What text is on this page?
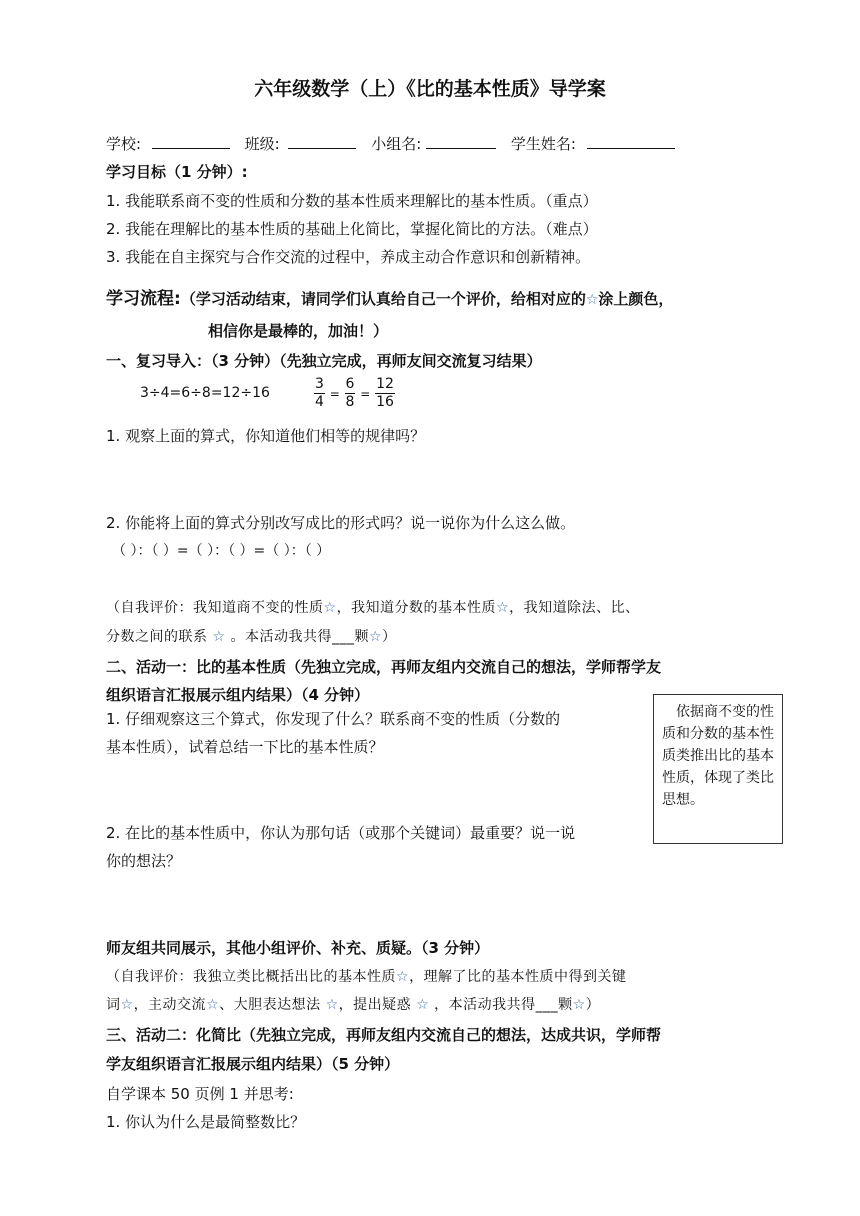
六年级数学（上）《比的基本性质》导学案
学校:	班级:	小组名:	学生姓名:
学习目标（1 分钟）:
1. 我能联系商不变的性质和分数的基本性质来理解比的基本性质。（重点）
2. 我能在理解比的基本性质的基础上化简比，掌握化简比的方法。（难点）
3. 我能在自主探究与合作交流的过程中，养成主动合作意识和创新精神。
学习流程:（学习活动结束，请同学们认真给自己一个评价，给相对应的☆涂上颜色，
相信你是最棒的，加油！）
一、复习导入：（3 分钟）（先独立完成，再师友间交流复习结果）
3÷4=6÷8=12÷16	$\frac{3}{4} = \frac{6}{8} = \frac{12}{16}$
1. 观察上面的算式，你知道他们相等的规律吗？
2. 你能将上面的算式分别改写成比的形式吗？说一说你为什么这么做。
（ ）：（ ）=（ ）：（ ）=（ ）：（ ）
（自我评价：我知道商不变的性质☆，我知道分数的基本性质☆，我知道除法、比、
分数之间的联系 ☆ 。本活动我共得___颗☆）
二、活动一：比的基本性质（先独立完成，再师友组内交流自己的想法，学师帮学友
组织语言汇报展示组内结果）（4 分钟）
1. 仔细观察这三个算式，你发现了什么？联系商不变的性质（分数的
基本性质），试着总结一下比的基本性质？
2. 在比的基本性质中，你认为那句话（或那个关键词）最重要？说一说
你的想法？
依据商不变的性质和分数的基本性质类推出比的基本性质，体现了类比思想。
师友组共同展示，其他小组评价、补充、质疑。（3 分钟）
（自我评价：我独立类比概括出比的基本性质☆，理解了比的基本性质中得到关键
词☆，主动交流☆、大胆表达想法 ☆，提出疑惑 ☆ ，本活动我共得___颗☆）
三、活动二：化简比（先独立完成，再师友组内交流自己的想法，达成共识，学师帮
学友组织语言汇报展示组内结果）（5 分钟）
自学课本 50 页例 1 并思考:
1. 你认为什么是最简整数比？
